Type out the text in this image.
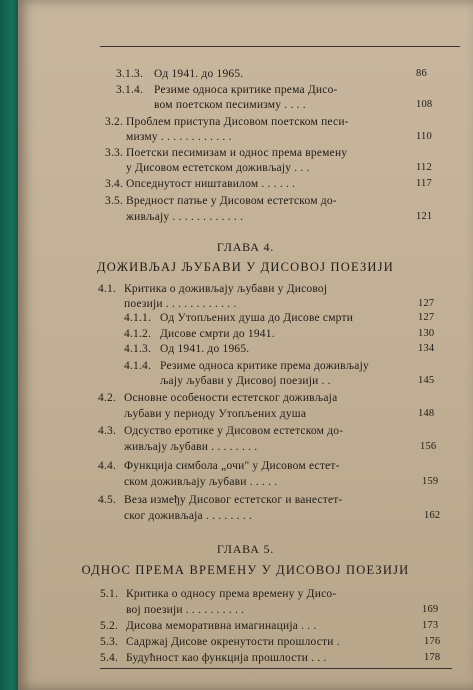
3.1.3. Од 1941. до 1965.	86
3.1.4. Резиме односа критике према Дисо-
вом поетском песимизму . . . .	108
3.2. Проблем приступа Дисовом поетском песи-
мизму . . . . . . . . . . . .	110
3.3. Поетски песимизам и однос према времену
у Дисовом естетском доживљају . . .	112
3.4. Опседнутост ништавилом . . . . . .	117
3.5. Вредност патње у Дисовом естетском до-
живљају . . . . . . . . . . . .	121
ГЛАВА 4.
ДОЖИВЉАЈ ЉУБАВИ У ДИСОВОЈ ПОЕЗИЈИ
4.1. Критика о доживљају љубави у Дисовој
поезији . . . . . . . . . . . .	127
4.1.1. Од Утопљених душа до Дисове смрти	127
4.1.2. Дисове смрти до 1941.	130
4.1.3. Од 1941. до 1965.	134
4.1.4. Резиме односа критике према доживљају
љају љубави у Дисовој поезији . .	145
4.2. Основне особености естетског доживљаја
љубави у периоду Утопљених душа	148
4.3. Одсуство еротике у Дисовом естетском до-
живљају љубави . . . . . . . .	156
4.4. Функција симбола „очи" у Дисовом естет-
ском доживљају љубави . . . . .	159
4.5. Веза између Дисовог естетског и ванестет-
ског доживљаја . . . . . . . .	162
ГЛАВА 5.
ОДНОС ПРЕМА ВРЕМЕНУ У ДИСОВОЈ ПОЕЗИЈИ
5.1. Критика о односу према времену у Дисо-
вој поезији . . . . . . . . . .	169
5.2. Дисова меморативна имагинација . . .	173
5.3. Садржај Дисове окренутости прошлости .	176
5.4. Будућност као функција прошлости . . .	178
